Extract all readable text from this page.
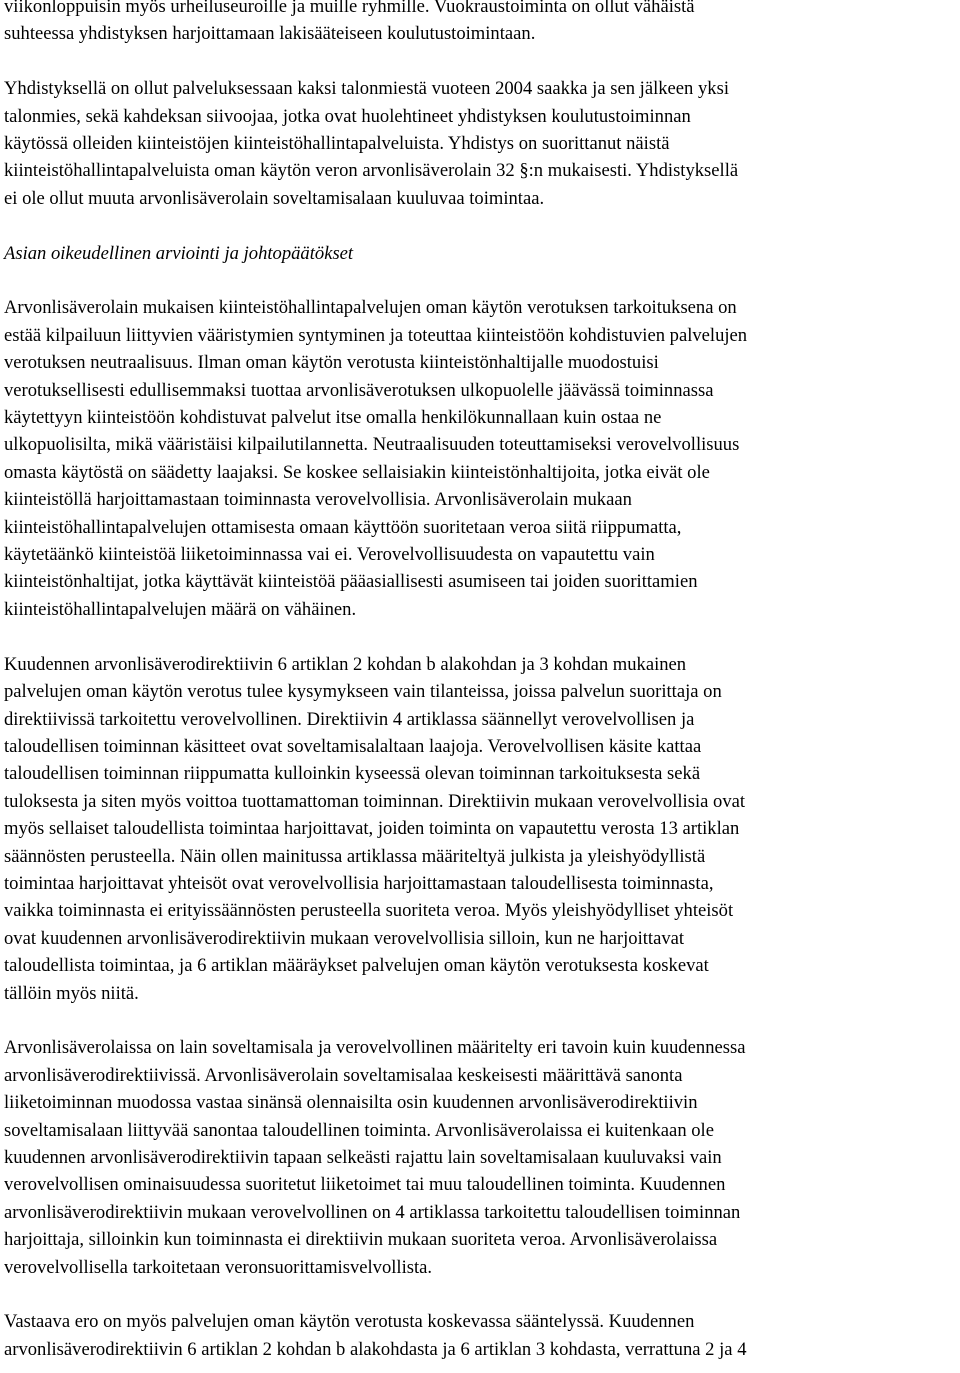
viikonloppuisin myös urheiluseuroille ja muille ryhmille. Vuokraustoiminta on ollut vähäistä

suhteessa yhdistyksen harjoittamaan lakisääteiseen koulutustoimintaan.

Yhdistyksellä on ollut palveluksessaan kaksi talonmiestä vuoteen 2004 saakka ja sen jälkeen yksi

talonmies, sekä kahdeksan siivoojaa, jotka ovat huolehtineet yhdistyksen koulutustoiminnan

käytössä olleiden kiinteistöjen kiinteistöhallintapalveluista. Yhdistys on suorittanut näistä

kiinteistöhallintapalveluista oman käytön veron arvonlisäverolain 32 §:n mukaisesti. Yhdistyksellä

ei ole ollut muuta arvonlisäverolain soveltamisalaan kuuluvaa toimintaa.

Asian oikeudellinen arviointi ja johtopäätökset

Arvonlisäverolain mukaisen kiinteistöhallintapalvelujen oman käytön verotuksen tarkoituksena on

estää kilpailuun liittyvien vääristymien syntyminen ja toteuttaa kiinteistöön kohdistuvien palvelujen

verotuksen neutraalisuus. Ilman oman käytön verotusta kiinteistönhaltijalle muodostuisi

verotuksellisesti edullisemmaksi tuottaa arvonlisäverotuksen ulkopuolelle jäävässä toiminnassa

käytettyyn kiinteistöön kohdistuvat palvelut itse omalla henkilökunnallaan kuin ostaa ne

ulkopuolisilta, mikä vääristäisi kilpailutilannetta. Neutraalisuuden toteuttamiseksi verovelvollisuus

omasta käytöstä on säädetty laajaksi. Se koskee sellaisiakin kiinteistönhaltijoita, jotka eivät ole

kiinteistöllä harjoittamastaan toiminnasta verovelvollisia. Arvonlisäverolain mukaan

kiinteistöhallintapalvelujen ottamisesta omaan käyttöön suoritetaan veroa siitä riippumatta,

käytetäänkö kiinteistöä liiketoiminnassa vai ei. Verovelvollisuudesta on vapautettu vain

kiinteistönhaltijat, jotka käyttävät kiinteistöä pääasiallisesti asumiseen tai joiden suorittamien

kiinteistöhallintapalvelujen määrä on vähäinen.

Kuudennen arvonlisäverodirektiivin 6 artiklan 2 kohdan b alakohdan ja 3 kohdan mukainen

palvelujen oman käytön verotus tulee kysymykseen vain tilanteissa, joissa palvelun suorittaja on

direktiivissä tarkoitettu verovelvollinen. Direktiivin 4 artiklassa säännellyt verovelvollisen ja

taloudellisen toiminnan käsitteet ovat soveltamisalaltaan laajoja. Verovelvollisen käsite kattaa

taloudellisen toiminnan riippumatta kulloinkin kyseessä olevan toiminnan tarkoituksesta sekä

tuloksesta ja siten myös voittoa tuottamattoman toiminnan. Direktiivin mukaan verovelvollisia ovat

myös sellaiset taloudellista toimintaa harjoittavat, joiden toiminta on vapautettu verosta 13 artiklan

säännösten perusteella. Näin ollen mainitussa artiklassa määriteltyä julkista ja yleishyödyllistä

toimintaa harjoittavat yhteisöt ovat verovelvollisia harjoittamastaan taloudellisesta toiminnasta,

vaikka toiminnasta ei erityissäännösten perusteella suoriteta veroa. Myös yleishyödylliset yhteisöt

ovat kuudennen arvonlisäverodirektiivin mukaan verovelvollisia silloin, kun ne harjoittavat

taloudellista toimintaa, ja 6 artiklan määräykset palvelujen oman käytön verotuksesta koskevat

tällöin myös niitä.

Arvonlisäverolaissa on lain soveltamisala ja verovelvollinen määritelty eri tavoin kuin kuudennessa

arvonlisäverodirektiivissä. Arvonlisäverolain soveltamisalaa keskeisesti määrittävä sanonta

liiketoiminnan muodossa vastaa sinänsä olennaisilta osin kuudennen arvonlisäverodirektiivin

soveltamisalaan liittyvää sanontaa taloudellinen toiminta. Arvonlisäverolaissa ei kuitenkaan ole

kuudennen arvonlisäverodirektiivin tapaan selkeästi rajattu lain soveltamisalaan kuuluvaksi vain

verovelvollisen ominaisuudessa suoritetut liiketoimet tai muu taloudellinen toiminta. Kuudennen

arvonlisäverodirektiivin mukaan verovelvollinen on 4 artiklassa tarkoitettu taloudellisen toiminnan

harjoittaja, silloinkin kun toiminnasta ei direktiivin mukaan suoriteta veroa. Arvonlisäverolaissa

verovelvollisella tarkoitetaan veronsuorittamisvelvollista.

Vastaava ero on myös palvelujen oman käytön verotusta koskevassa sääntelyssä. Kuudennen

arvonlisäverodirektiivin 6 artiklan 2 kohdan b alakohdasta ja 6 artiklan 3 kohdasta, verrattuna 2 ja 4
